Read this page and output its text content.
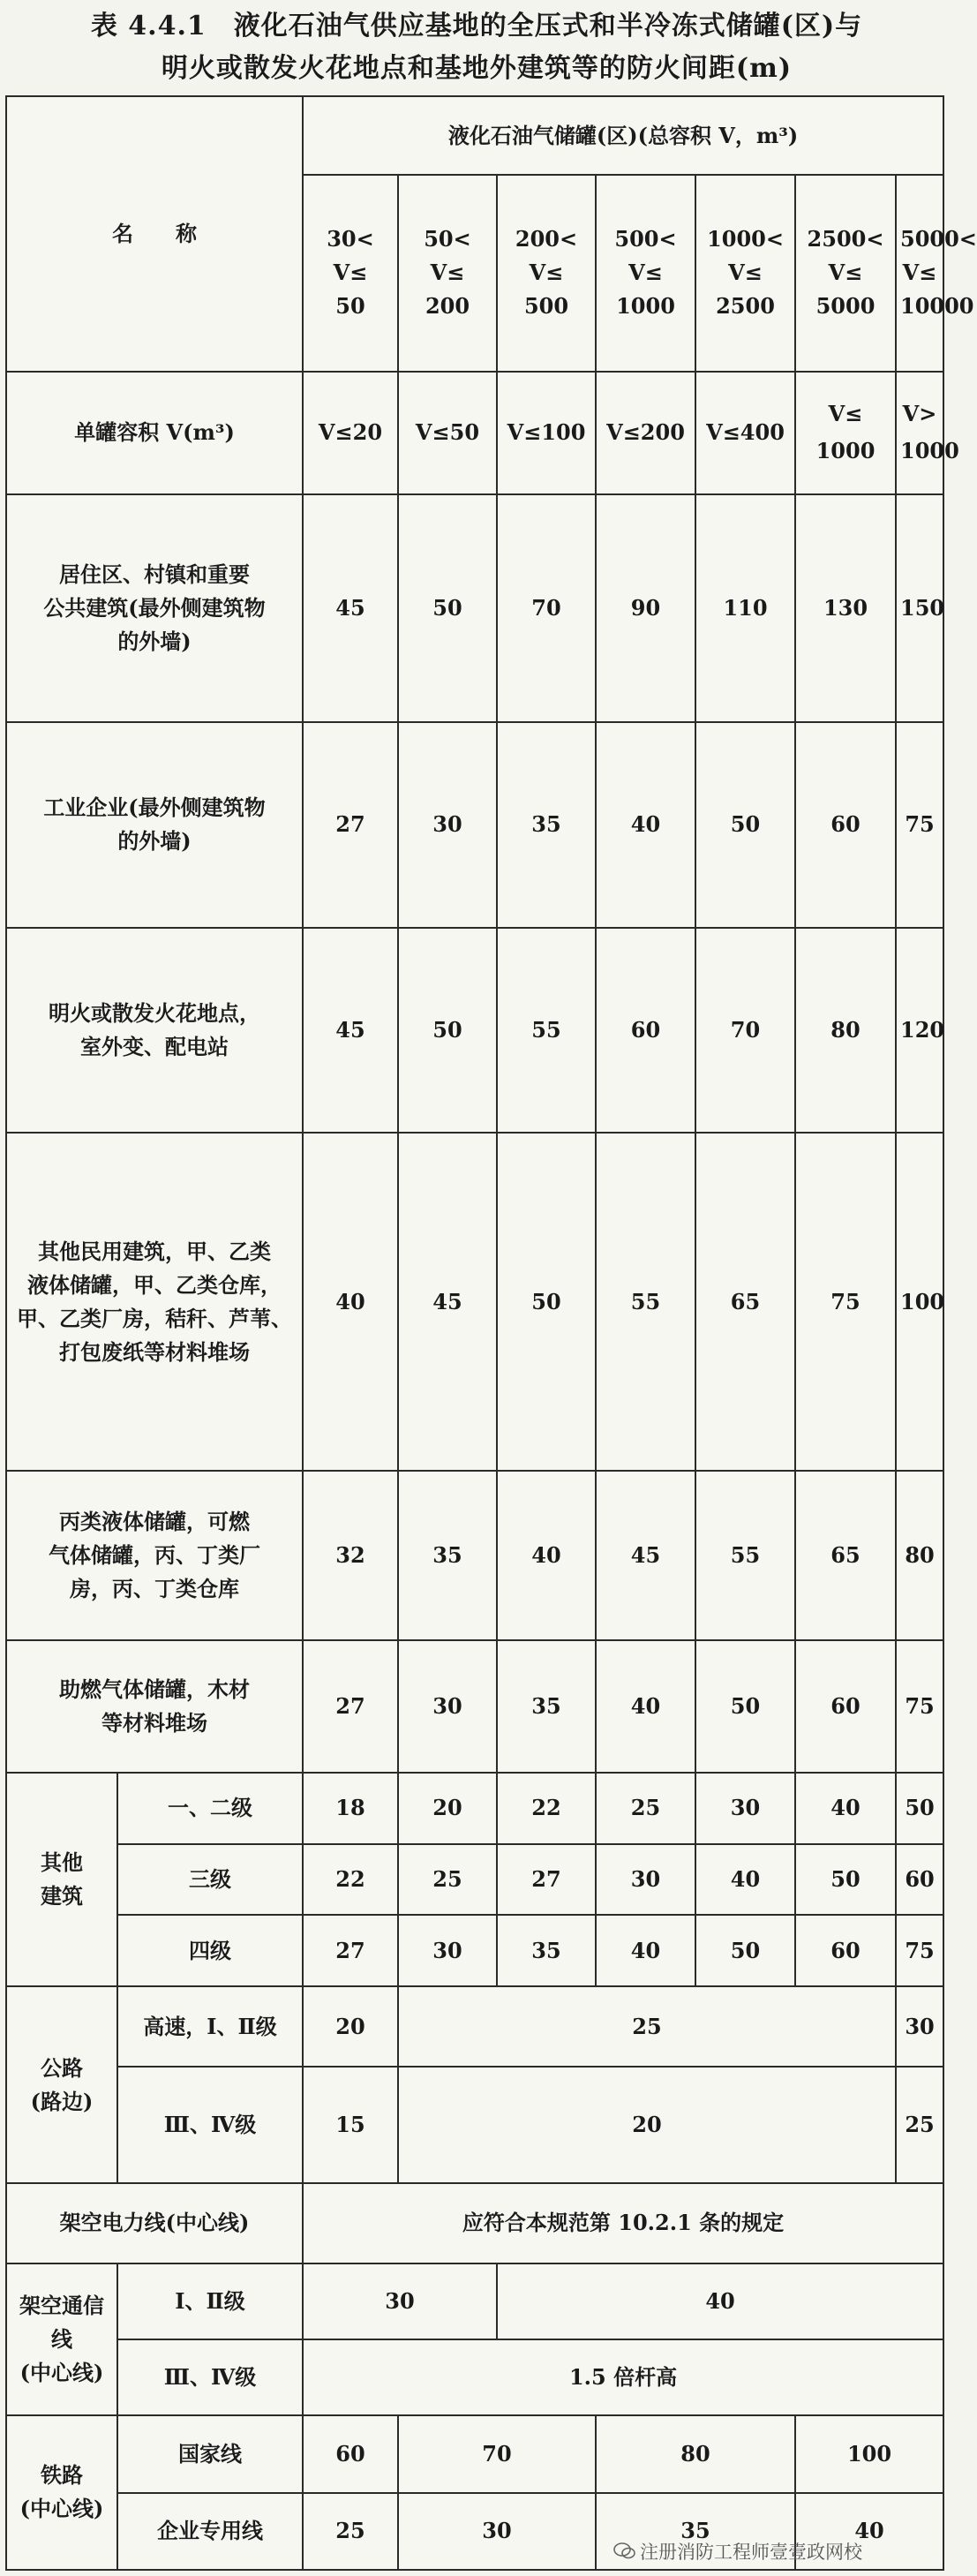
表 4.4.1　液化石油气供应基地的全压式和半冷冻式储罐(区)与
明火或散发火花地点和基地外建筑等的防火间距(m)
名　　称		液化石油气储罐(区)(总容积 V，m³)						
		30<
V≤
50	50<
V≤
200	200<
V≤
500	500<
V≤
1000	1000<
V≤
2500	2500<
V≤
5000	5000<
V≤
10000
单罐容积 V(m³)		V≤20	V≤50	V≤100	V≤200	V≤400	V≤
1000	V>
1000
居住区、村镇和重要
公共建筑(最外侧建筑物
的外墙)		45	50	70	90	110	130	150
工业企业(最外侧建筑物
的外墙)		27	30	35	40	50	60	75
明火或散发火花地点，
室外变、配电站		45	50	55	60	70	80	120
其他民用建筑，甲、乙类
液体储罐，甲、乙类仓库，
甲、乙类厂房，秸秆、芦苇、
打包废纸等材料堆场		40	45	50	55	65	75	100
丙类液体储罐，可燃
气体储罐，丙、丁类厂
房，丙、丁类仓库		32	35	40	45	55	65	80
助燃气体储罐，木材
等材料堆场		27	30	35	40	50	60	75
其他
建筑	一、二级	18	20	22	25	30	40	50
	三级	22	25	27	30	40	50	60
	四级	27	30	35	40	50	60	75
公路
(路边)	高速，Ⅰ、Ⅱ级	20	25					30
	Ⅲ、Ⅳ级	15	20					25
架空电力线(中心线)		应符合本规范第 10.2.1 条的规定						
架空通信线
(中心线)	Ⅰ、Ⅱ级	30		40				
	Ⅲ、Ⅳ级	1.5 倍杆高						
铁路
(中心线)	国家线	60	70		80		100	
	企业专用线	25	30		35		40	
注册消防工程师壹壹政网校
